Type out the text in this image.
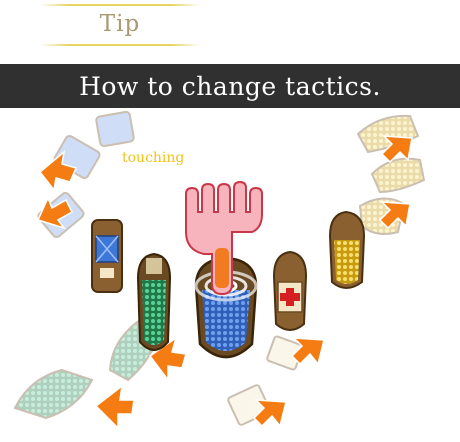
Tip
How to change tactics.
touching
